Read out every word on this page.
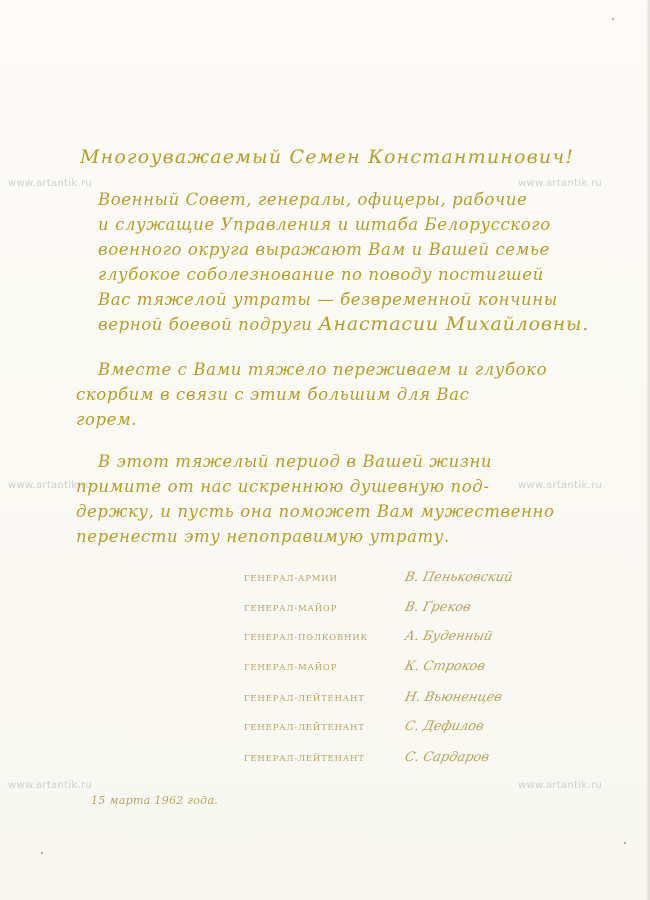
www.artantik.ru	www.artantik.ru
www.artantik.ru	www.artantik.ru
www.artantik.ru	www.artantik.ru
Многоуважаемый Семен Константинович!
Военный Совет, генералы, офицеры, рабочие
и служащие Управления и штаба Белорусского
военного округа выражают Вам и Вашей семье
глубокое соболезнование по поводу постигшей
Вас тяжелой утраты — безвременной кончины
верной боевой подруги Анастасии Михайловны.
Вместе с Вами тяжело переживаем и глубоко
скорбим в связи с этим большим для Вас
горем.
В этот тяжелый период в Вашей жизни
примите от нас искреннюю душевную под-
держку, и пусть она поможет Вам мужественно
перенести эту непоправимую утрату.
ГЕНЕРАЛ-АРМИИ	В. Пеньковский
ГЕНЕРАЛ-МАЙОР	В. Греков
ГЕНЕРАЛ-ПОЛКОВНИК	А. Буденный
ГЕНЕРАЛ-МАЙОР	К. Строков
ГЕНЕРАЛ-ЛЕЙТЕНАНТ	Н. Вьюненцев
ГЕНЕРАЛ-ЛЕЙТЕНАНТ	С. Дефилов
ГЕНЕРАЛ-ЛЕЙТЕНАНТ	С. Сардаров
15 марта 1962 года.
